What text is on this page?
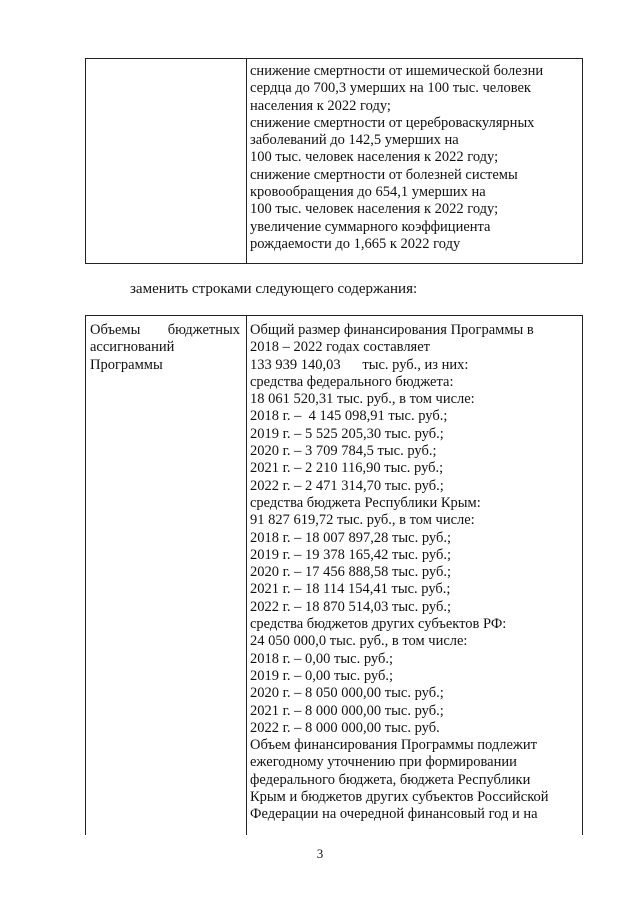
снижение смертности от ишемической болезни
сердца до 700,3 умерших на 100 тыс. человек
населения к 2022 году;
снижение смертности от цереброваскулярных
заболеваний до 142,5 умерших на
100 тыс. человек населения к 2022 году;
снижение смертности от болезней системы
кровообращения до 654,1 умерших на
100 тыс. человек населения к 2022 году;
увеличение суммарного коэффициента
рождаемости до 1,665 к 2022 году
заменить строками следующего содержания:
Объемы бюджетных
ассигнований
Программы
Общий размер финансирования Программы в
2018 – 2022 годах составляет
133 939 140,03      тыс. руб., из них:
средства федерального бюджета:
18 061 520,31 тыс. руб., в том числе:
2018 г. –  4 145 098,91 тыс. руб.;
2019 г. – 5 525 205,30 тыс. руб.;
2020 г. – 3 709 784,5 тыс. руб.;
2021 г. – 2 210 116,90 тыс. руб.;
2022 г. – 2 471 314,70 тыс. руб.;
средства бюджета Республики Крым:
91 827 619,72 тыс. руб., в том числе:
2018 г. – 18 007 897,28 тыс. руб.;
2019 г. – 19 378 165,42 тыс. руб.;
2020 г. – 17 456 888,58 тыс. руб.;
2021 г. – 18 114 154,41 тыс. руб.;
2022 г. – 18 870 514,03 тыс. руб.;
средства бюджетов других субъектов РФ:
24 050 000,0 тыс. руб., в том числе:
2018 г. – 0,00 тыс. руб.;
2019 г. – 0,00 тыс. руб.;
2020 г. – 8 050 000,00 тыс. руб.;
2021 г. – 8 000 000,00 тыс. руб.;
2022 г. – 8 000 000,00 тыс. руб.
Объем финансирования Программы подлежит
ежегодному уточнению при формировании
федерального бюджета, бюджета Республики
Крым и бюджетов других субъектов Российской
Федерации на очередной финансовый год и на
3
